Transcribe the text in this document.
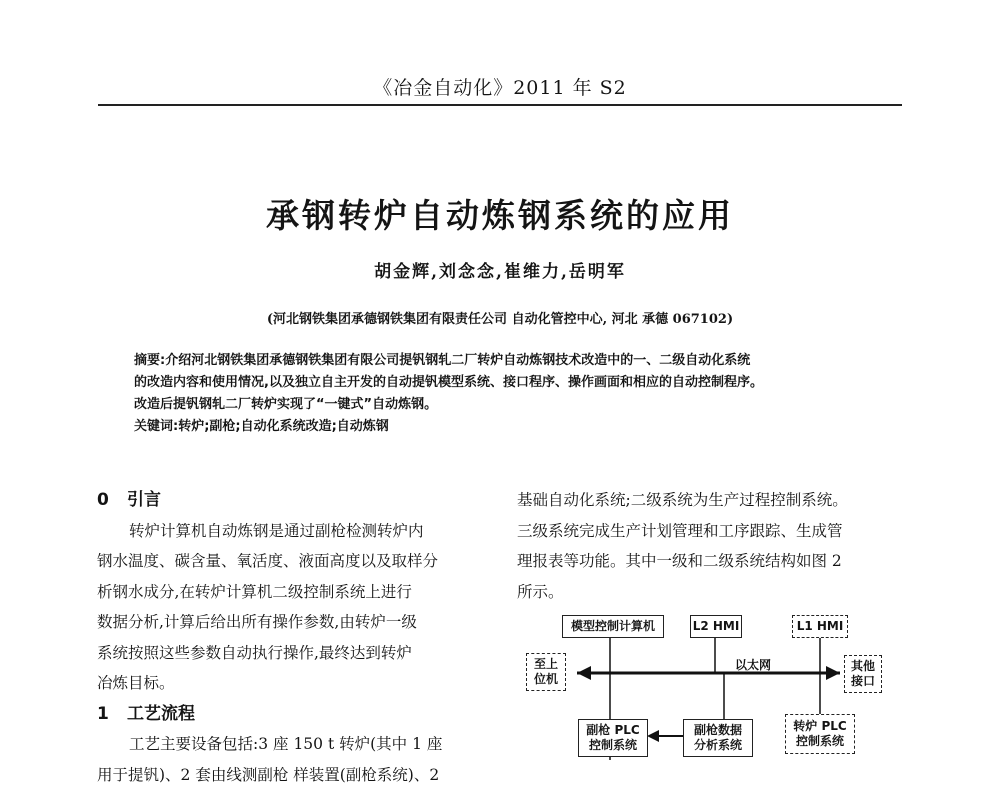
《冶金自动化》2011 年 S2
承钢转炉自动炼钢系统的应用
胡金辉,刘念念,崔维力,岳明军
(河北钢铁集团承德钢铁集团有限责任公司 自动化管控中心, 河北 承德 067102)
摘要:介绍河北钢铁集团承德钢铁集团有限公司提钒钢轧二厂转炉自动炼钢技术改造中的一、二级自动化系统
的改造内容和使用情况,以及独立自主开发的自动提钒模型系统、接口程序、操作画面和相应的自动控制程序。
改造后提钒钢轧二厂转炉实现了“一键式”自动炼钢。
关键词:转炉;副枪;自动化系统改造;自动炼钢
0 引言
转炉计算机自动炼钢是通过副枪检测转炉内
钢水温度、碳含量、氧活度、液面高度以及取样分
析钢水成分,在转炉计算机二级控制系统上进行
数据分析,计算后给出所有操作参数,由转炉一级
系统按照这些参数自动执行操作,最终达到转炉
冶炼目标。
1 工艺流程
工艺主要设备包括:3 座 150 t 转炉(其中 1 座
用于提钒)、2 套由线测副枪 样装置(副枪系统)、2
基础自动化系统;二级系统为生产过程控制系统。
三级系统完成生产计划管理和工序跟踪、生成管
理报表等功能。其中一级和二级系统结构如图 2
所示。
模型控制计算机	L2 HMI	L1 HMI
至上
位机
以太网	其他
接口
副枪 PLC
控制系统
副枪数据
分析系统
转炉 PLC
控制系统
